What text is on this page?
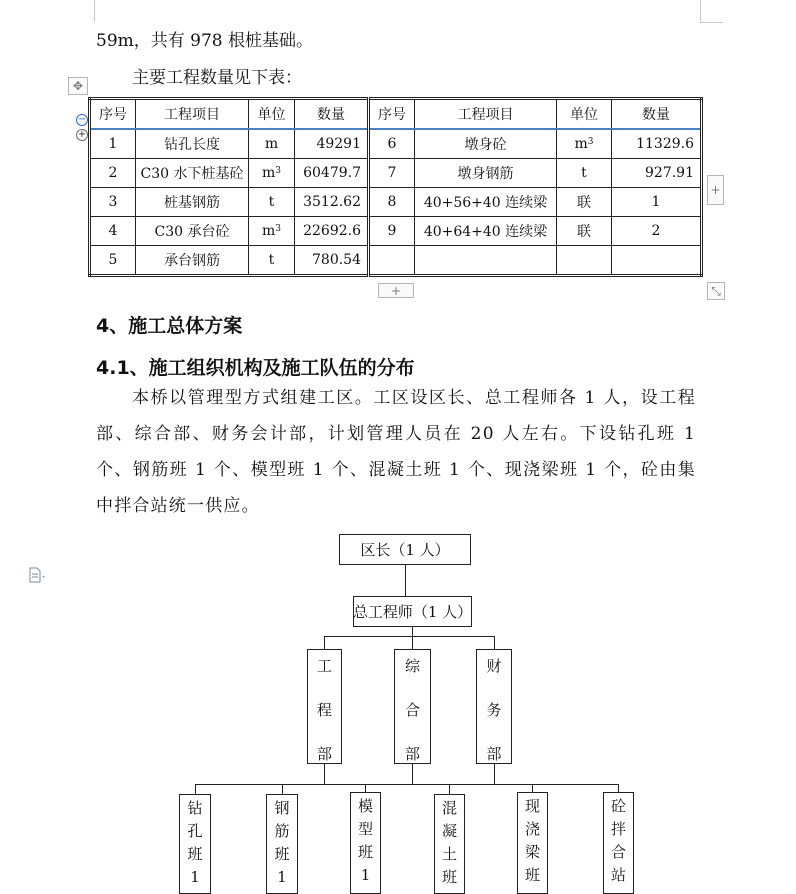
59m，共有 978 根桩基础。
主要工程数量见下表：
✥
−
+
序号	工程项目	单位	数量	序号	工程项目	单位	数量
1	钻孔长度	m	49291	6	墩身砼	$m^3$	11329.6
2	C30 水下桩基砼	$m^3$	60479.7	7	墩身钢筋	t	927.91
3	桩基钢筋	t	3512.62	8	40+56+40 连续梁	联	1
4	C30 承台砼	$m^3$	22692.6	9	40+64+40 连续梁	联	2
5	承台钢筋	t	780.54				
+
+	⤡
4、施工总体方案
4.1、施工组织机构及施工队伍的分布
本桥以管理型方式组建工区。工区设区长、总工程师各 1 人，设工程部、综合部、财务会计部，计划管理人员在 20 人左右。下设钻孔班 1 个、钢筋班 1 个、模型班 1 个、混凝土班 1 个、现浇梁班 1 个，砼由集中拌合站统一供应。
区长（1 人）
总工程师（1 人）
工
程
部
综
合
部
财
务
部
钻
孔
班
1
钢
筋
班
1
模
型
班
1
混
凝
土
班
现
浇
梁
班
砼
拌
合
站
